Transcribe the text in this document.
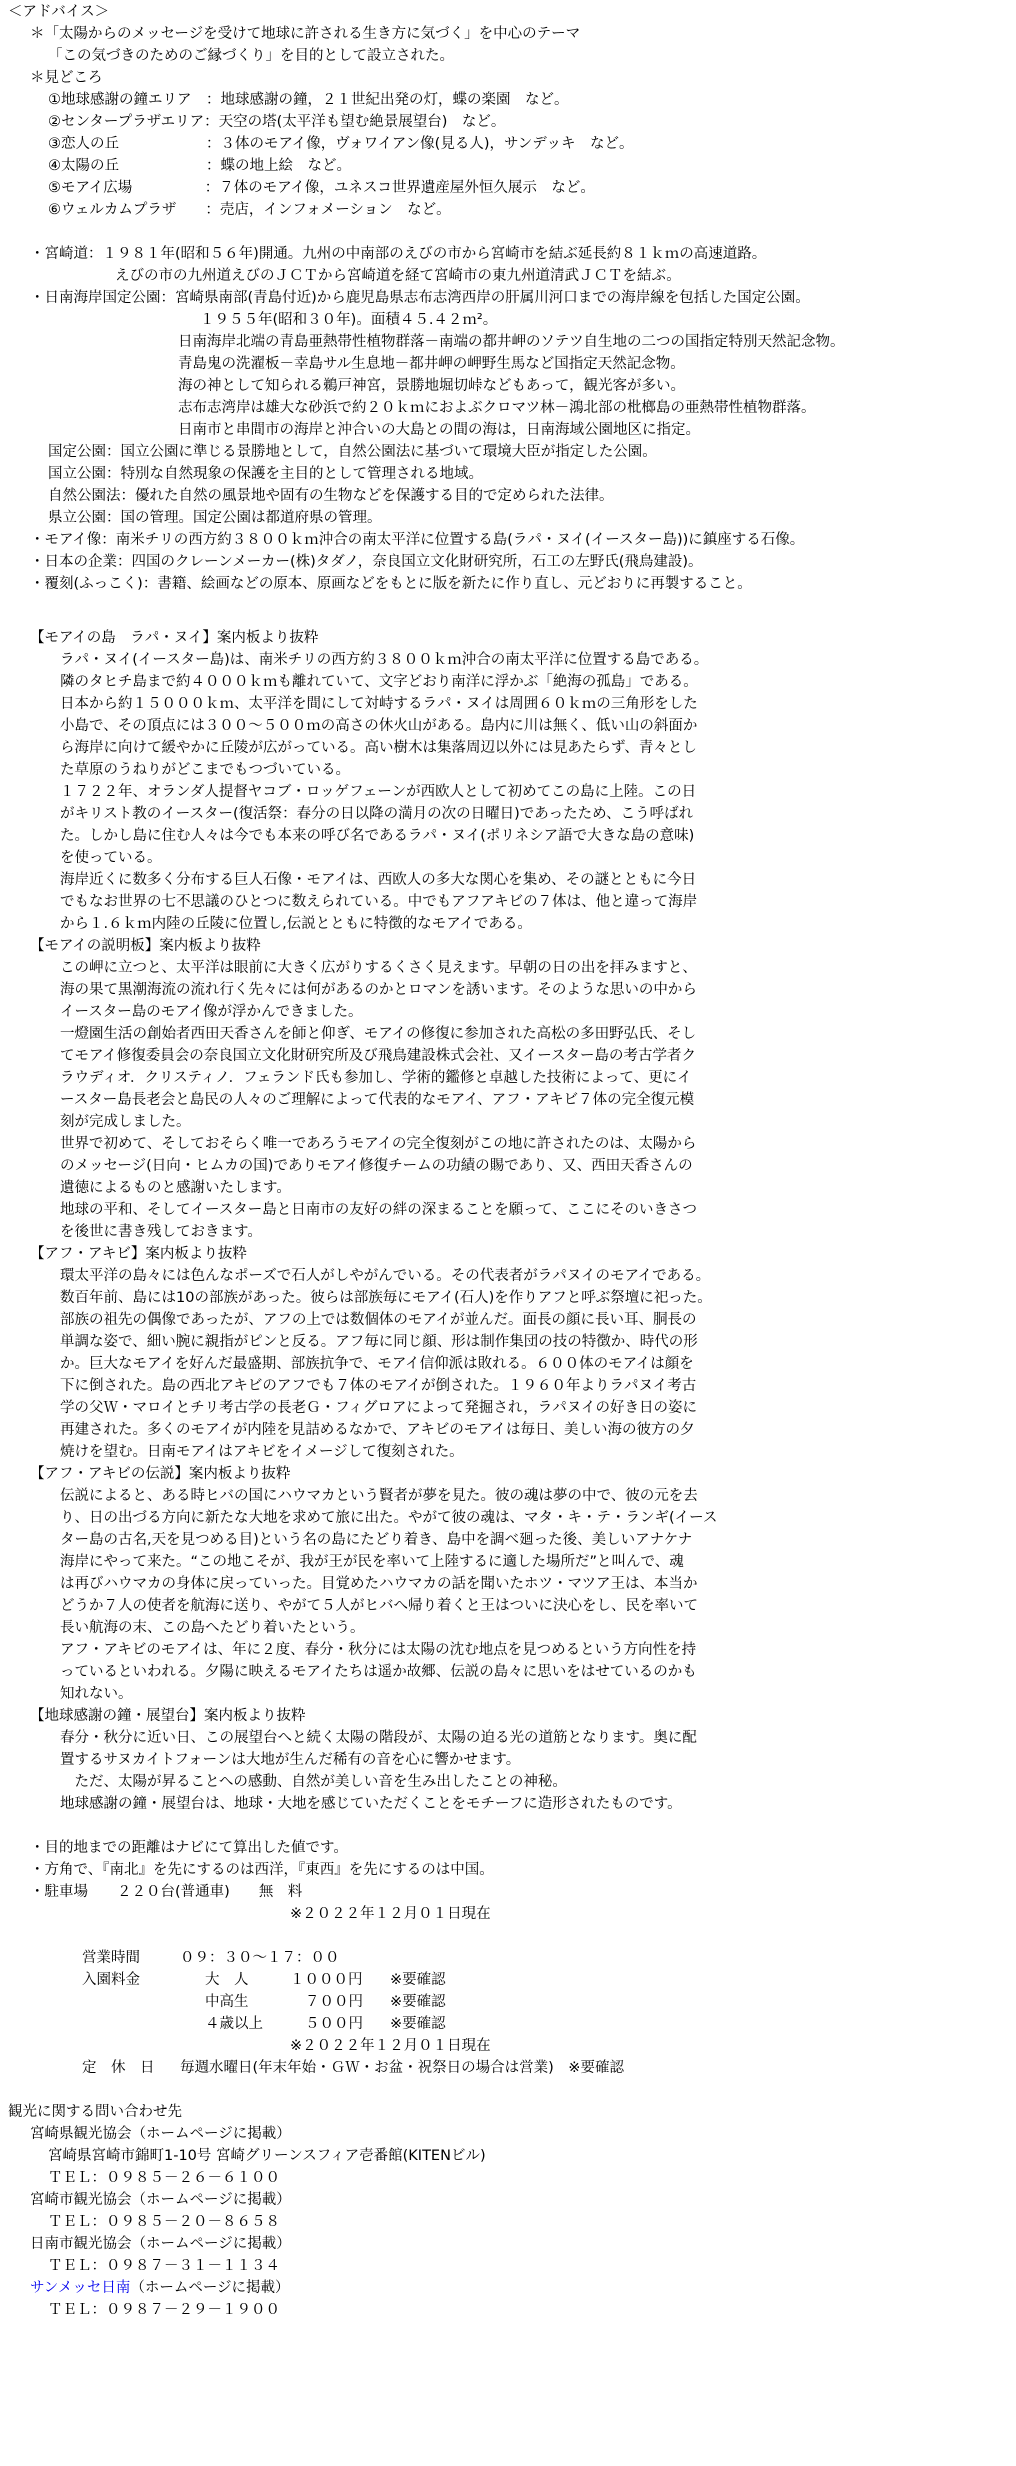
＜アドバイス＞
＊「太陽からのメッセージを受けて地球に許される生き方に気づく」を中心のテーマ
「この気づきのためのご縁づくり」を目的として設立された。
＊見どころ
①地球感謝の鐘エリア　：地球感謝の鐘，２１世紀出発の灯，蝶の楽園　など。
②センタープラザエリア：天空の塔(太平洋も望む絶景展望台)　など。
③恋人の丘　　　　　　：３体のモアイ像，ヴォワイアン像(見る人)，サンデッキ　など。
④太陽の丘　　　　　　：蝶の地上絵　など。
⑤モアイ広場　　　　　：７体のモアイ像，ユネスコ世界遺産屋外恒久展示　など。
⑥ウェルカムプラザ　　：売店，インフォメーション　など。
・宮崎道：１９８１年(昭和５６年)開通。九州の中南部のえびの市から宮崎市を結ぶ延長約８１ｋｍの高速道路。
えびの市の九州道えびのＪＣＴから宮崎道を経て宮崎市の東九州道清武ＪＣＴを結ぶ。
・日南海岸国定公園：宮崎県南部(青島付近)から鹿児島県志布志湾西岸の肝属川河口までの海岸線を包括した国定公園。
１９５５年(昭和３０年)。面積４５.４２ｍ²。
日南海岸北端の青島亜熱帯性植物群落－南端の都井岬のソテツ自生地の二つの国指定特別天然記念物。
青島鬼の洗濯板－幸島サル生息地－都井岬の岬野生馬など国指定天然記念物。
海の神として知られる鵜戸神宮，景勝地堀切峠などもあって，観光客が多い。
志布志湾岸は雄大な砂浜で約２０ｋｍにおよぶクロマツ林－鴻北部の枇榔島の亜熱帯性植物群落。
日南市と串間市の海岸と沖合いの大島との間の海は，日南海域公園地区に指定。
国定公園：国立公園に準じる景勝地として，自然公園法に基づいて環境大臣が指定した公園。
国立公園：特別な自然現象の保護を主目的として管理される地域。
自然公園法：優れた自然の風景地や固有の生物などを保護する目的で定められた法律。
県立公園：国の管理。国定公園は都道府県の管理。
・モアイ像：南米チリの西方約３８００ｋｍ沖合の南太平洋に位置する島(ラパ・ヌイ(イースター島))に鎮座する石像。
・日本の企業：四国のクレーンメーカー(株)タダノ，奈良国立文化財研究所，石工の左野氏(飛鳥建設)。
・覆刻(ふっこく)：書籍、絵画などの原本、原画などをもとに版を新たに作り直し、元どおりに再製すること。
【モアイの島　ラパ・ヌイ】案内板より抜粋
ラパ・ヌイ(イースター島)は、南米チリの西方約３８００ｋｍ沖合の南太平洋に位置する島である。
隣のタヒチ島まで約４０００ｋｍも離れていて、文字どおり南洋に浮かぶ「絶海の孤島」である。
日本から約１５０００ｋｍ、太平洋を間にして対峙するラパ・ヌイは周囲６０ｋｍの三角形をした
小島で、その頂点には３００～５００ｍの高さの休火山がある。島内に川は無く、低い山の斜面か
ら海岸に向けて緩やかに丘陵が広がっている。高い樹木は集落周辺以外には見あたらず、青々とし
た草原のうねりがどこまでもつづいている。
１７２２年、オランダ人提督ヤコブ・ロッゲフェーンが西欧人として初めてこの島に上陸。この日
がキリスト教のイースター(復活祭：春分の日以降の満月の次の日曜日)であったため、こう呼ばれ
た。しかし島に住む人々は今でも本来の呼び名であるラパ・ヌイ(ポリネシア語で大きな島の意味)
を使っている。
海岸近くに数多く分布する巨人石像・モアイは、西欧人の多大な関心を集め、その謎とともに今日
でもなお世界の七不思議のひとつに数えられている。中でもアフアキビの７体は、他と違って海岸
から１.６ｋｍ内陸の丘陵に位置し,伝説とともに特徴的なモアイである。
【モアイの説明板】案内板より抜粋
この岬に立つと、太平洋は眼前に大きく広がりするくさく見えます。早朝の日の出を拝みますと、
海の果て黒潮海流の流れ行く先々には何があるのかとロマンを誘います。そのような思いの中から
イースター島のモアイ像が浮かんできました。
一燈園生活の創始者西田天香さんを師と仰ぎ、モアイの修復に参加された高松の多田野弘氏、そし
てモアイ修復委員会の奈良国立文化財研究所及び飛鳥建設株式会社、又イースター島の考古学者ク
ラウディオ．クリスティノ．フェランド氏も参加し、学術的鑑修と卓越した技術によって、更にイ
ースター島長老会と島民の人々のご理解によって代表的なモアイ、アフ・アキビ７体の完全復元模
刻が完成しました。
世界で初めて、そしておそらく唯一であろうモアイの完全復刻がこの地に許されたのは、太陽から
のメッセージ(日向・ヒムカの国)でありモアイ修復チームの功績の賜であり、又、西田天香さんの
遺徳によるものと感謝いたします。
地球の平和、そしてイースター島と日南市の友好の絆の深まることを願って、ここにそのいきさつ
を後世に書き残しておきます。
【アフ・アキビ】案内板より抜粋
環太平洋の島々には色んなポーズで石人がしやがんでいる。その代表者がラパヌイのモアイである。
数百年前、島には10の部族があった。彼らは部族毎にモアイ(石人)を作りアフと呼ぶ祭壇に祀った。
部族の祖先の偶像であったが、アフの上では数個体のモアイが並んだ。面長の顔に長い耳、胴長の
単調な姿で、細い腕に親指がピンと反る。アフ毎に同じ顔、形は制作集団の技の特徴か、時代の形
か。巨大なモアイを好んだ最盛期、部族抗争で、モアイ信仰派は敗れる。６００体のモアイは顔を
下に倒された。島の西北アキビのアフでも７体のモアイが倒された。１９６０年よりラパヌイ考古
学の父Ｗ・マロイとチリ考古学の長老Ｇ・フィグロアによって発掘され，ラパヌイの好き日の姿に
再建された。多くのモアイが内陸を見詰めるなかで、アキビのモアイは毎日、美しい海の彼方の夕
焼けを望む。日南モアイはアキビをイメージして復刻された。
【アフ・アキビの伝説】案内板より抜粋
伝説によると、ある時ヒバの国にハウマカという賢者が夢を見た。彼の魂は夢の中で、彼の元を去
り、日の出づる方向に新たな大地を求めて旅に出た。やがて彼の魂は、マタ・キ・テ・ランギ(イース
ター島の古名,天を見つめる目)という名の島にたどり着き、島中を調べ廻った後、美しいアナケナ
海岸にやって来た。“この地こそが、我が王が民を率いて上陸するに適した場所だ”と叫んで、魂
は再びハウマカの身体に戻っていった。目覚めたハウマカの話を聞いたホツ・マツア王は、本当か
どうか７人の使者を航海に送り、やがて５人がヒバへ帰り着くと王はついに決心をし、民を率いて
長い航海の末、この島へたどり着いたという。
アフ・アキビのモアイは、年に２度、春分・秋分には太陽の沈む地点を見つめるという方向性を持
っているといわれる。夕陽に映えるモアイたちは遥か故郷、伝説の島々に思いをはせているのかも
知れない。
【地球感謝の鐘・展望台】案内板より抜粋
春分・秋分に近い日、この展望台へと続く太陽の階段が、太陽の迫る光の道筋となります。奥に配
置するサヌカイトフォーンは大地が生んだ稀有の音を心に響かせます。
　ただ、太陽が昇ることへの感動、自然が美しい音を生み出したことの神秘。
地球感謝の鐘・展望台は、地球・大地を感じていただくことをモチーフに造形されたものです。
・目的地までの距離はナビにて算出した値です。
・方角で、『南北』を先にするのは西洋，『東西』を先にするのは中国。
・駐車場　　２２０台(普通車)　　無　料
※２０２２年１２月０１日現在
営業時間	０９：３０～１７：００
入園料金	大　人	１０００円 ※要確認
中高生	７００円 ※要確認
４歳以上	５００円 ※要確認
※２０２２年１２月０１日現在
定　休　日 毎週水曜日(年末年始・ＧＷ・お盆・祝祭日の場合は営業)　※要確認
観光に関する問い合わせ先
宮崎県観光協会（ホームページに掲載）
宮崎県宮崎市錦町1-10号 宮崎グリーンスフィア壱番館(KITENビル)
ＴＥＬ：０９８５－２６－６１００
宮崎市観光協会（ホームページに掲載）
ＴＥＬ：０９８５－２０－８６５８
日南市観光協会（ホームページに掲載）
ＴＥＬ：０９８７－３１－１１３４
サンメッセ日南（ホームページに掲載）
ＴＥＬ：０９８７－２９－１９００
